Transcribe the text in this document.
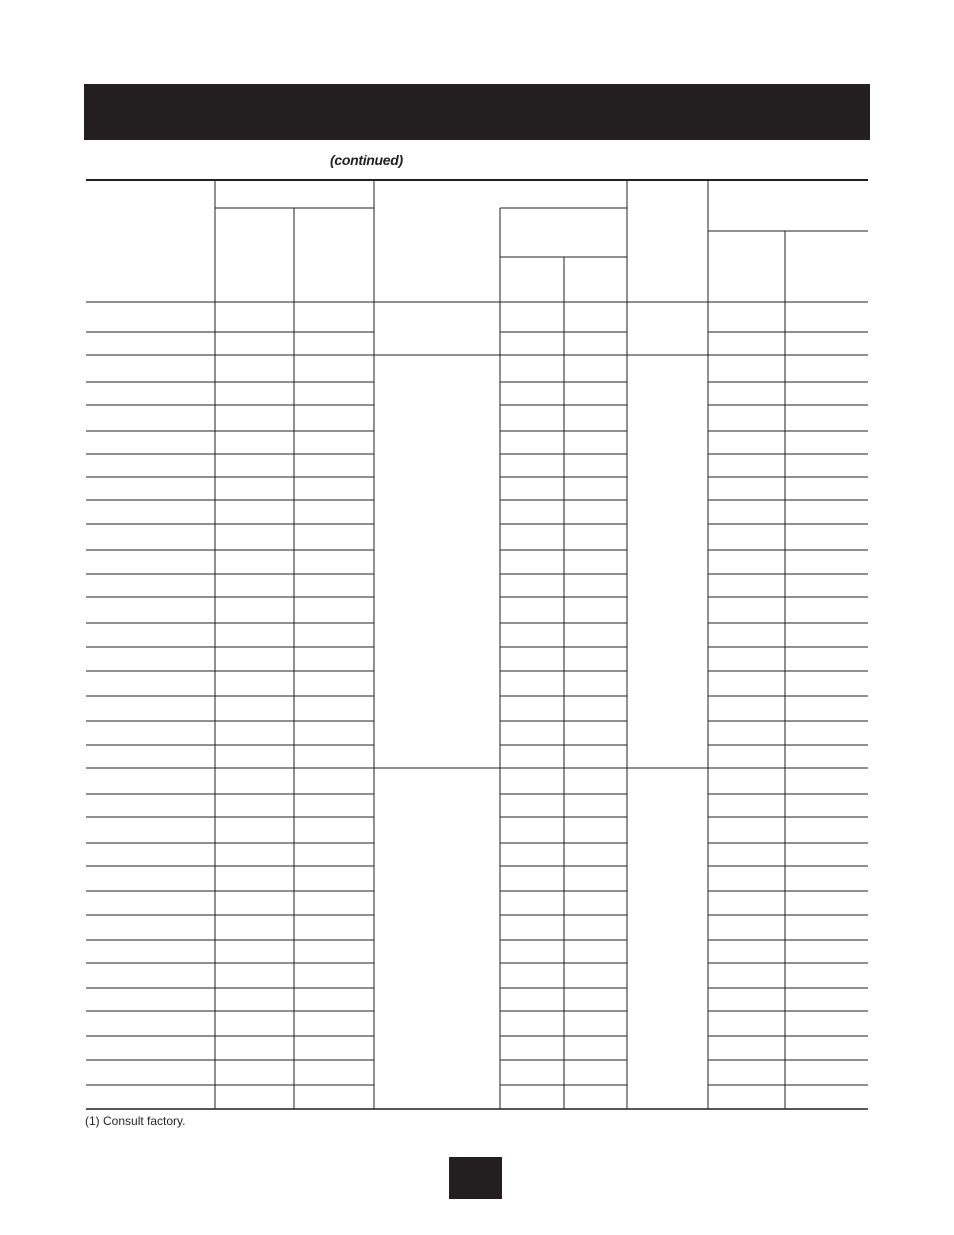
(continued)
(1) Consult factory.
